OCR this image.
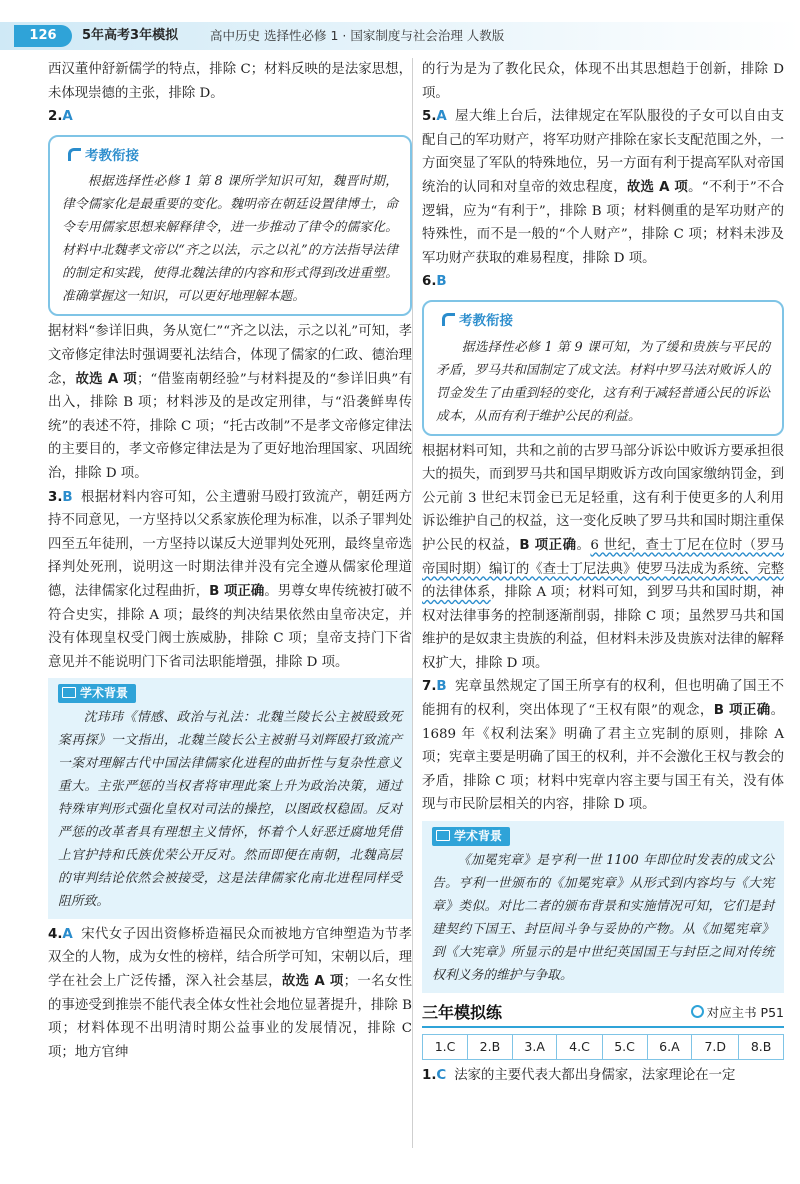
126	5年高考3年模拟	高中历史 选择性必修 1 · 国家制度与社会治理 人教版

西汉董仲舒新儒学的特点，排除 C；材料反映的是法家思想，未体现崇德的主张，排除 D。

2.A

考教衔接
根据选择性必修 1 第 8 课所学知识可知，魏晋时期，律令儒家化是最重要的变化。魏明帝在朝廷设置律博士，命令专用儒家思想来解释律令，进一步推动了律令的儒家化。材料中北魏孝文帝以“齐之以法，示之以礼”的方法指导法律的制定和实践，使得北魏法律的内容和形式得到改进重塑。准确掌握这一知识，可以更好地理解本题。

据材料“参详旧典，务从宽仁”“齐之以法，示之以礼”可知，孝文帝修定律法时强调要礼法结合，体现了儒家的仁政、德治理念，故选 A 项；“借鉴南朝经验”与材料提及的“参详旧典”有出入，排除 B 项；材料涉及的是改定刑律，与“沿袭鲜卑传统”的表述不符，排除 C 项；“托古改制”不是孝文帝修定律法的主要目的，孝文帝修定律法是为了更好地治理国家、巩固统治，排除 D 项。

3.B 根据材料内容可知，公主遭驸马殴打致流产，朝廷两方持不同意见，一方坚持以父系家族伦理为标准，以杀子罪判处四至五年徒刑，一方坚持以谋反大逆罪判处死刑，最终皇帝选择判处死刑，说明这一时期法律并没有完全遵从儒家伦理道德，法律儒家化过程曲折，B 项正确。男尊女卑传统被打破不符合史实，排除 A 项；最终的判决结果依然由皇帝决定，并没有体现皇权受门阀士族威胁，排除 C 项；皇帝支持门下省意见并不能说明门下省司法职能增强，排除 D 项。

学术背景
沈玮玮《情感、政治与礼法：北魏兰陵长公主被殴致死案再探》一文指出，北魏兰陵长公主被驸马刘辉殴打致流产一案对理解古代中国法律儒家化进程的曲折性与复杂性意义重大。主张严惩的当权者将审理此案上升为政治决策，通过特殊审判形式强化皇权对司法的操控，以图政权稳固。反对严惩的改革者具有理想主义情怀，怀着个人好恶迁腐地凭借上官护持和氏族优荣公开反对。然而即便在南朝，北魏高层的审判结论依然会被接受，这是法律儒家化南北进程同样受阻所致。

4.A 宋代女子因出资修桥造福民众而被地方官绅塑造为节孝双全的人物，成为女性的榜样，结合所学可知，宋朝以后，理学在社会上广泛传播，深入社会基层，故选 A 项；一名女性的事迹受到推崇不能代表全体女性社会地位显著提升，排除 B 项；材料体现不出明清时期公益事业的发展情况，排除 C 项；地方官绅

的行为是为了教化民众，体现不出其思想趋于创新，排除 D 项。

5.A 屋大维上台后，法律规定在军队服役的子女可以自由支配自己的军功财产，将军功财产排除在家长支配范围之外，一方面突显了军队的特殊地位，另一方面有利于提高军队对帝国统治的认同和对皇帝的效忠程度，故选 A 项。“不利于”不合逻辑，应为“有利于”，排除 B 项；材料侧重的是军功财产的特殊性，而不是一般的“个人财产”，排除 C 项；材料未涉及军功财产获取的难易程度，排除 D 项。

6.B

考教衔接
据选择性必修 1 第 9 课可知，为了缓和贵族与平民的矛盾，罗马共和国制定了成文法。材料中罗马法对败诉人的罚金发生了由重到轻的变化，这有利于减轻普通公民的诉讼成本，从而有利于维护公民的利益。

根据材料可知，共和之前的古罗马部分诉讼中败诉方要承担很大的损失，而到罗马共和国早期败诉方改向国家缴纳罚金，到公元前 3 世纪末罚金已无足轻重，这有利于使更多的人利用诉讼维护自己的权益，这一变化反映了罗马共和国时期注重保护公民的权益，B 项正确。6 世纪，查士丁尼在位时（罗马帝国时期）编订的《查士丁尼法典》使罗马法成为系统、完整的法律体系，排除 A 项；材料可知，到罗马共和国时期，神权对法律事务的控制逐渐削弱，排除 C 项；虽然罗马共和国维护的是奴隶主贵族的利益，但材料未涉及贵族对法律的解释权扩大，排除 D 项。

7.B 宪章虽然规定了国王所享有的权利，但也明确了国王不能拥有的权利，突出体现了“王权有限”的观念，B 项正确。1689 年《权利法案》明确了君主立宪制的原则，排除 A 项；宪章主要是明确了国王的权利，并不会激化王权与教会的矛盾，排除 C 项；材料中宪章内容主要与国王有关，没有体现与市民阶层相关的内容，排除 D 项。

学术背景
《加冕宪章》是亨利一世 1100 年即位时发表的成文公告。亨利一世颁布的《加冕宪章》从形式到内容均与《大宪章》类似。对比二者的颁布背景和实施情况可知，它们是封建契约下国王、封臣间斗争与妥协的产物。从《加冕宪章》到《大宪章》所显示的是中世纪英国国王与封臣之间对传统权利义务的维护与争取。
三年模拟练	对应主书 P51
1.C	2.B	3.A	4.C	5.C	6.A	7.D	8.B

1.C 法家的主要代表大都出身儒家，法家理论在一定
